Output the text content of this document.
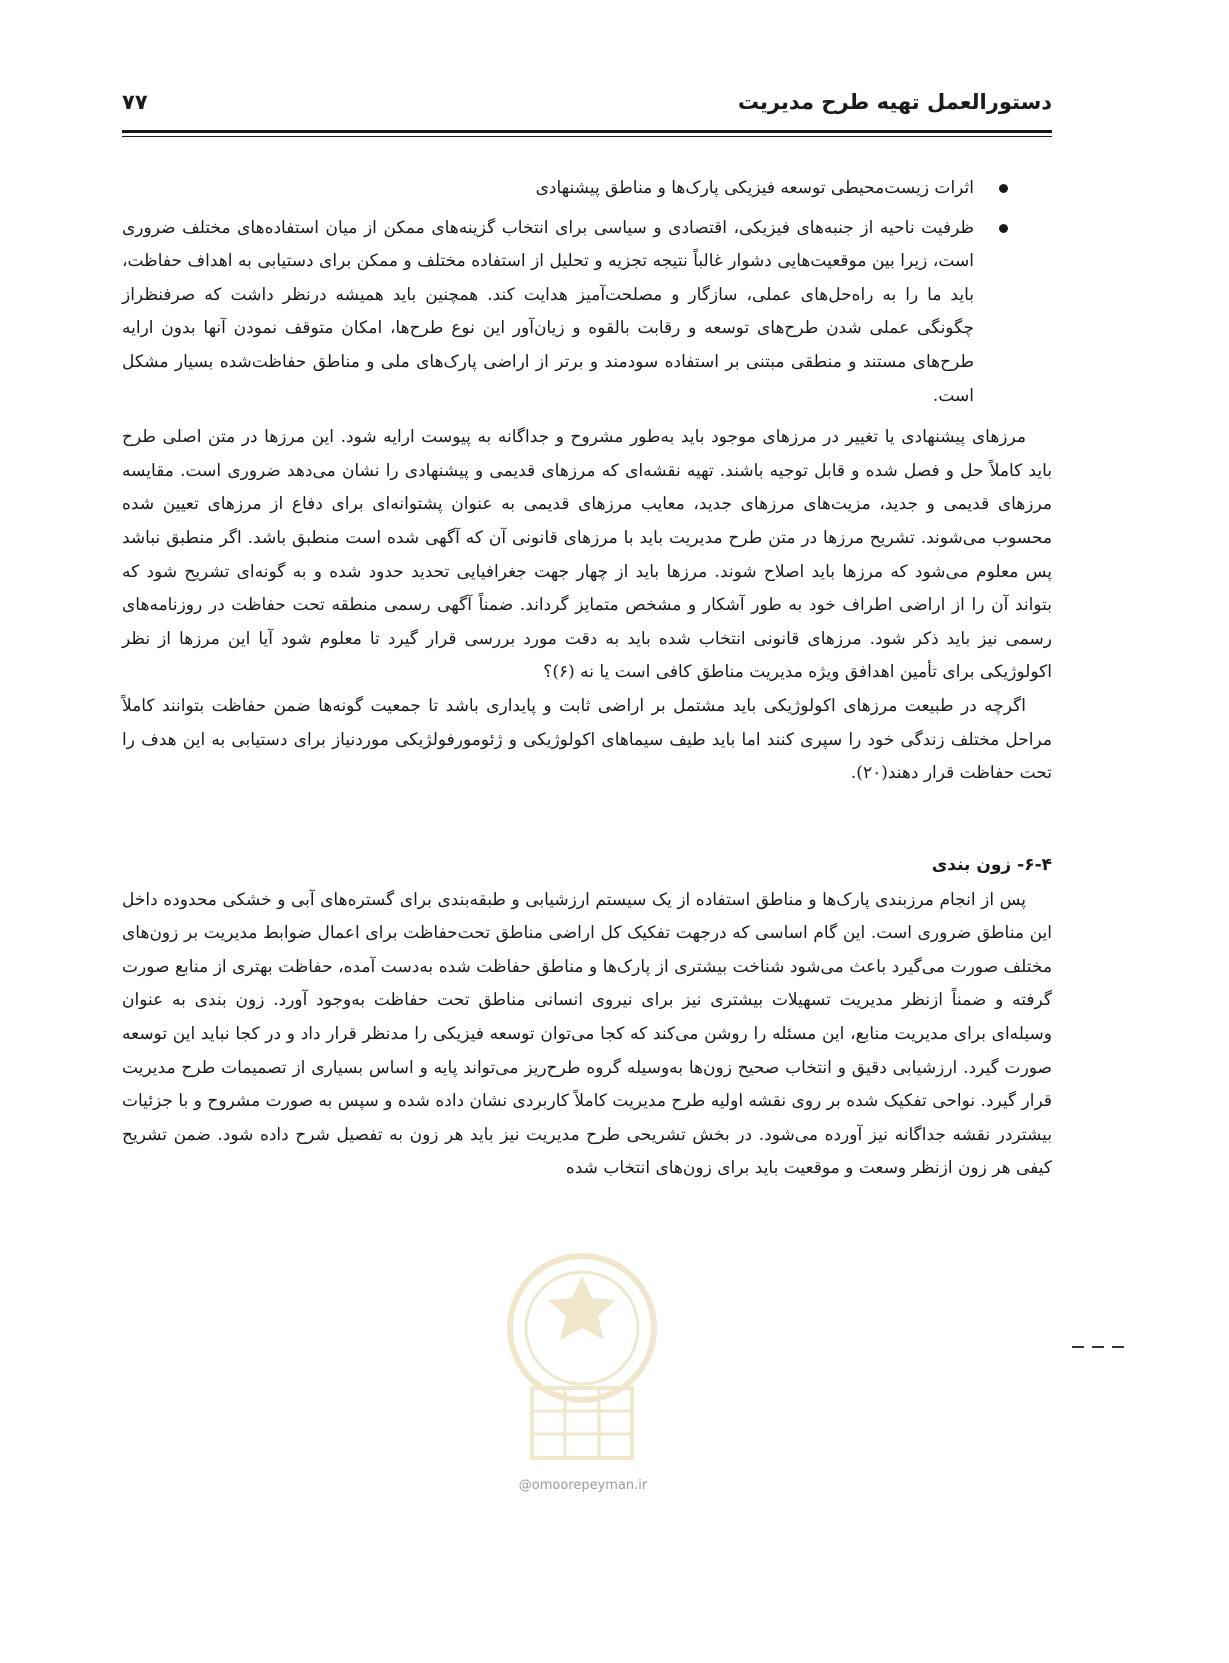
دستورالعمل تهیه طرح مدیریت
۷۷
اثرات زیست‌محیطی توسعه فیزیکی پارک‌ها و مناطق پیشنهادی
ظرفیت ناحیه از جنبه‌های فیزیکی، اقتصادی و سیاسی برای انتخاب گزینه‌های ممکن از میان استفاده‌های مختلف ضروری است، زیرا بین موقعیت‌هایی دشوار غالباً نتیجه تجزیه و تحلیل از استفاده مختلف و ممکن برای دستیابی به اهداف حفاظت، باید ما را به راه‌حل‌های عملی، سازگار و مصلحت‌آمیز هدایت کند. همچنین باید همیشه درنظر داشت که صرفنظراز چگونگی عملی شدن طرح‌های توسعه و رقابت بالقوه و زیان‌آور این نوع طرح‌ها، امکان متوقف نمودن آنها بدون ارایه طرح‌های مستند و منطقی مبتنی بر استفاده سودمند و برتر از اراضی پارک‌های ملی و مناطق حفاظت‌شده بسیار مشکل است.

مرزهای پیشنهادی یا تغییر در مرزهای موجود باید به‌طور مشروح و جداگانه به پیوست ارایه شود. این مرزها در متن اصلی طرح باید کاملاً حل و فصل شده و قابل توجیه باشند. تهیه نقشه‌ای که مرزهای قدیمی و پیشنهادی را نشان می‌دهد ضروری است. مقایسه مرزهای قدیمی و جدید، مزیت‌های مرزهای جدید، معایب مرزهای قدیمی به عنوان پشتوانه‌ای برای دفاع از مرزهای تعیین شده محسوب می‌شوند. تشریح مرزها در متن طرح مدیریت باید با مرزهای قانونی آن که آگهی شده است منطبق باشد. اگر منطبق نباشد پس معلوم می‌شود که مرزها باید اصلاح شوند. مرزها باید از چهار جهت جغرافیایی تحدید حدود شده و به گونه‌ای تشریح شود که بتواند آن را از اراضی اطراف خود به طور آشکار و مشخص متمایز گرداند. ضمناً آگهی رسمی منطقه تحت حفاظت در روزنامه‌های رسمی نیز باید ذکر شود. مرزهای قانونی انتخاب شده باید به دقت مورد بررسی قرار گیرد تا معلوم شود آیا این مرزها از نظر اکولوژیکی برای تأمین اهدافق ویژه مدیریت مناطق کافی است یا نه (۶)؟

اگرچه در طبیعت مرزهای اکولوژیکی باید مشتمل بر اراضی ثابت و پایداری باشد تا جمعیت گونه‌ها ضمن حفاظت بتوانند کاملاً مراحل مختلف زندگی خود را سپری کنند اما باید طیف سیماهای اکولوژیکی و ژئومورفولژیکی موردنیاز برای دستیابی به این هدف را تحت حفاظت قرار دهند(۲۰).

۶-۴- زون بندی

پس از انجام مرزبندی پارک‌ها و مناطق استفاده از یک سیستم ارزشیابی و طبقه‌بندی برای گستره‌های آبی و خشکی محدوده داخل این مناطق ضروری است. این گام اساسی که درجهت تفکیک کل اراضی مناطق تحت‌حفاظت برای اعمال ضوابط مدیریت بر زون‌های مختلف صورت می‌گیرد باعث می‌شود شناخت بیشتری از پارک‌ها و مناطق حفاظت شده به‌دست آمده، حفاظت بهتری از منابع صورت گرفته و ضمناً ازنظر مدیریت تسهیلات بیشتری نیز برای نیروی انسانی مناطق تحت حفاظت به‌وجود آورد. زون بندی به عنوان وسیله‌ای برای مدیریت منابع، این مسئله را روشن می‌کند که کجا می‌توان توسعه فیزیکی را مدنظر قرار داد و در کجا نباید این توسعه صورت گیرد. ارزشیابی دقیق و انتخاب صحیح زون‌ها به‌وسیله گروه طرح‌ریز می‌تواند پایه و اساس بسیاری از تصمیمات طرح مدیریت قرار گیرد. نواحی تفکیک شده بر روی نقشه اولیه طرح مدیریت کاملاً کاربردی نشان داده شده و سپس به صورت مشروح و با جزئیات بیشتردر نقشه جداگانه نیز آورده می‌شود. در بخش تشریحی طرح مدیریت نیز باید هر زون به تفصیل شرح داده شود. ضمن تشریح کیفی هر زون ازنظر وسعت و موقعیت باید برای زون‌های انتخاب شده

@omoorepeyman.ir
